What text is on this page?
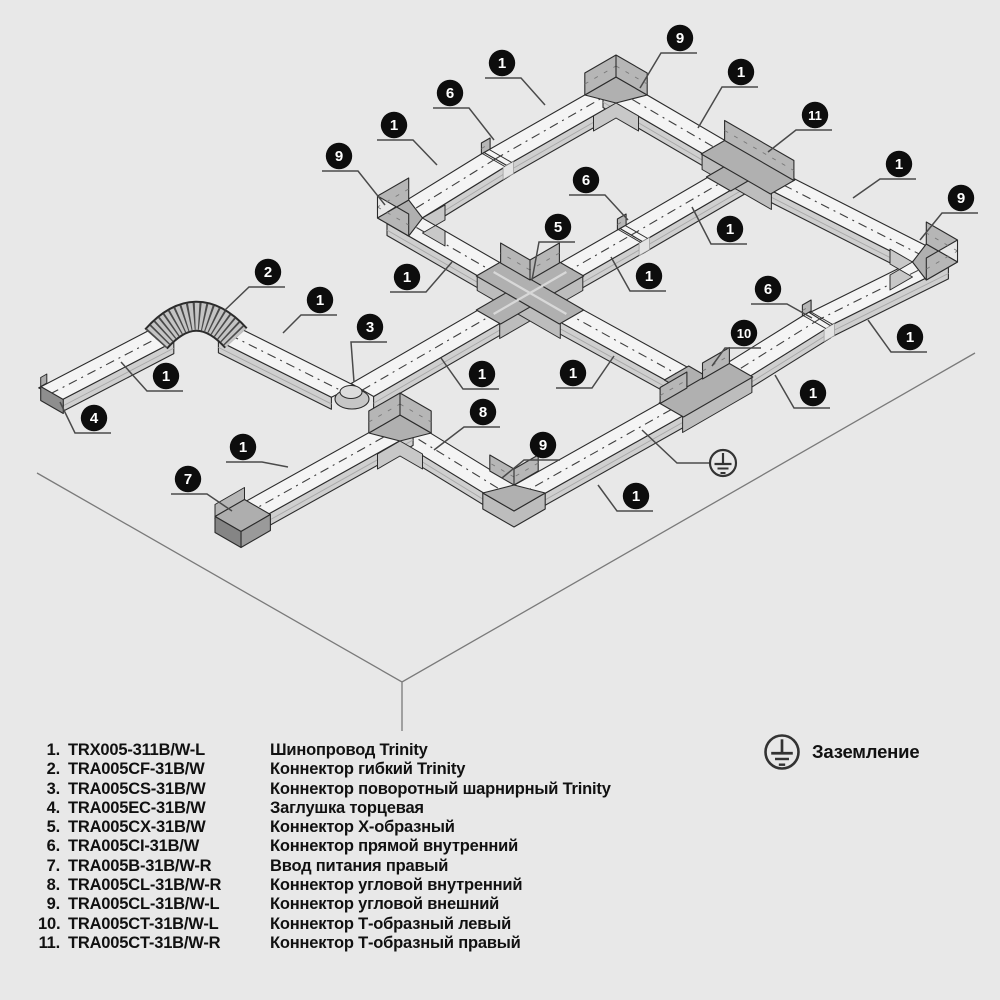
9
1
6
1
9
1
11
1
9
1
6
1
2
1
3
1
1
4
5
6
1
1
1	1
10
8
9
7
1
1
1. TRX005-311B/W-L	Шинопровод Trinity
2. TRA005CF-31B/W	Коннектор гибкий Trinity
3. TRA005CS-31B/W	Коннектор поворотный шарнирный Trinity
4. TRA005EC-31B/W	Заглушка торцевая
5. TRA005CX-31B/W	Коннектор X-образный
6. TRA005CI-31B/W	Коннектор прямой внутренний
7. TRA005B-31B/W-R	Ввод питания правый
8. TRA005CL-31B/W-R	Коннектор угловой внутренний
9. TRA005CL-31B/W-L	Коннектор угловой внешний
10. TRA005CT-31B/W-L	Коннектор Т-образный левый
11. TRA005CT-31B/W-R	Коннектор Т-образный правый
Заземление
